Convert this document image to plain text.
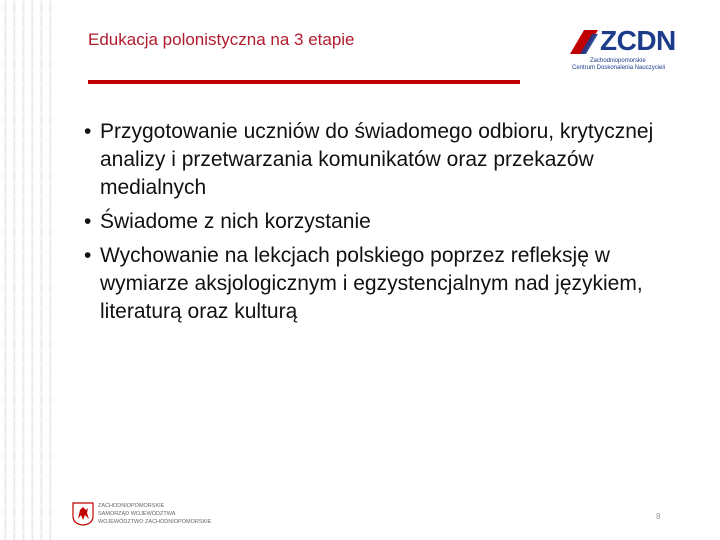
Edukacja polonistyczna na 3 etapie	ZCDN
Zachodniopomorskie
Centrum Doskonalenia Nauczycieli
• Przygotowanie uczniów do świadomego odbioru, krytycznej analizy i przetwarzania komunikatów oraz przekazów medialnych
• Świadome z nich korzystanie
• Wychowanie na lekcjach polskiego poprzez refleksję w wymiarze aksjologicznym i egzystencjalnym nad językiem, literaturą oraz kulturą
ZACHODNIOPOMORSKIE
SAMORZĄD WOJEWÓDZTWA
WOJEWÓDZTWO ZACHODNIOPOMORSKIE
8
